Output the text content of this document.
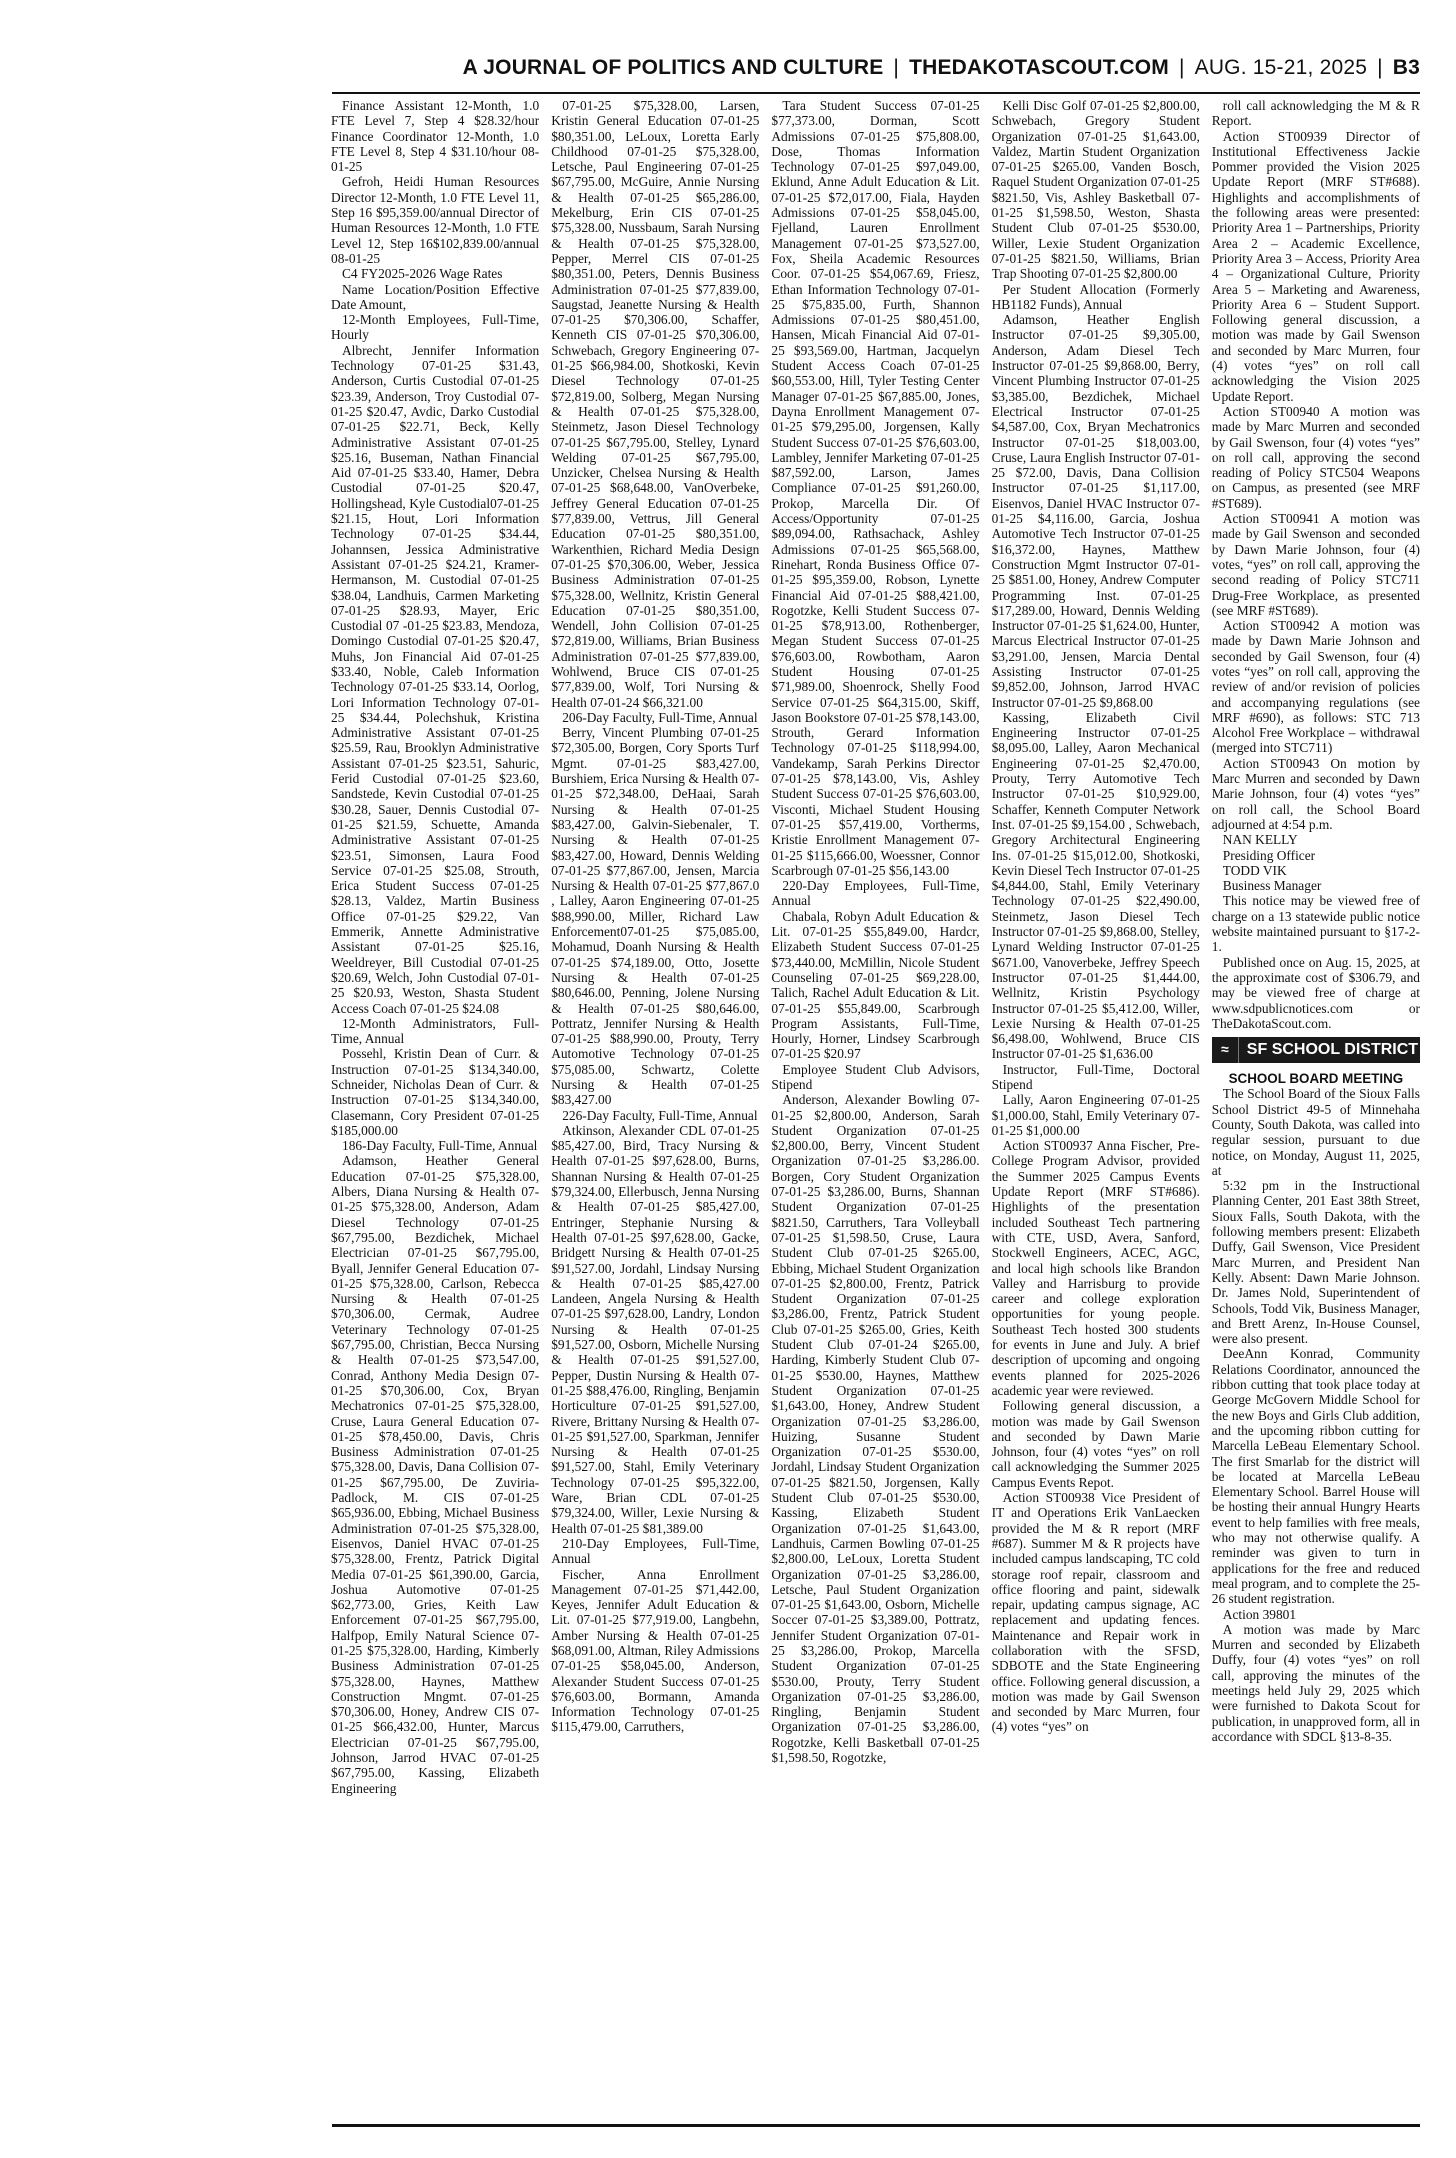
A JOURNAL OF POLITICS AND CULTURE | THEDAKOTASCOUT.COM | AUG. 15-21, 2025 | B3

Finance Assistant 12-Month, 1.0 FTE Level 7, Step 4 $28.32/hour Finance Coordinator 12-Month, 1.0 FTE Level 8, Step 4 $31.10/hour 08-01-25

Gefroh, Heidi Human Resources Director 12-Month, 1.0 FTE Level 11, Step 16 $95,359.00/annual Director of Human Resources 12-Month, 1.0 FTE Level 12, Step 16$102,839.00/annual 08-01-25

C4 FY2025-2026 Wage Rates

Name Location/Position Effective Date Amount,

12-Month Employees, Full-Time, Hourly

Albrecht, Jennifer Information Technology 07-01-25 $31.43, Anderson, Curtis Custodial 07-01-25 $23.39, Anderson, Troy Custodial 07-01-25 $20.47, Avdic, Darko Custodial 07-01-25 $22.71, Beck, Kelly Administrative Assistant 07-01-25 $25.16, Buseman, Nathan Financial Aid 07-01-25 $33.40, Hamer, Debra Custodial 07-01-25 $20.47, Hollingshead, Kyle Custodial07-01-25 $21.15, Hout, Lori Information Technology 07-01-25 $34.44, Johannsen, Jessica Administrative Assistant 07-01-25 $24.21, Kramer-Hermanson, M. Custodial 07-01-25 $38.04, Landhuis, Carmen Marketing 07-01-25 $28.93, Mayer, Eric Custodial 07 -01-25 $23.83, Mendoza, Domingo Custodial 07-01-25 $20.47, Muhs, Jon Financial Aid 07-01-25 $33.40, Noble, Caleb Information Technology 07-01-25 $33.14, Oorlog, Lori Information Technology 07-01-25 $34.44, Polechshuk, Kristina Administrative Assistant 07-01-25 $25.59, Rau, Brooklyn Administrative Assistant 07-01-25 $23.51, Sahuric, Ferid Custodial 07-01-25 $23.60, Sandstede, Kevin Custodial 07-01-25 $30.28, Sauer, Dennis Custodial 07-01-25 $21.59, Schuette, Amanda Administrative Assistant 07-01-25 $23.51, Simonsen, Laura Food Service 07-01-25 $25.08, Strouth, Erica Student Success 07-01-25 $28.13, Valdez, Martin Business Office 07-01-25 $29.22, Van Emmerik, Annette Administrative Assistant 07-01-25 $25.16, Weeldreyer, Bill Custodial 07-01-25 $20.69, Welch, John Custodial 07-01-25 $20.93, Weston, Shasta Student Access Coach 07-01-25 $24.08

12-Month Administrators, Full-Time, Annual

Possehl, Kristin Dean of Curr. & Instruction 07-01-25 $134,340.00, Schneider, Nicholas Dean of Curr. & Instruction 07-01-25 $134,340.00, Clasemann, Cory President 07-01-25 $185,000.00

186-Day Faculty, Full-Time, Annual

Adamson, Heather General Education 07-01-25 $75,328.00, Albers, Diana Nursing & Health 07-01-25 $75,328.00, Anderson, Adam Diesel Technology 07-01-25 $67,795.00, Bezdichek, Michael Electrician 07-01-25 $67,795.00, Byall, Jennifer General Education 07-01-25 $75,328.00, Carlson, Rebecca Nursing & Health 07-01-25 $70,306.00, Cermak, Audree Veterinary Technology 07-01-25 $67,795.00, Christian, Becca Nursing & Health 07-01-25 $73,547.00, Conrad, Anthony Media Design 07-01-25 $70,306.00, Cox, Bryan Mechatronics 07-01-25 $75,328.00, Cruse, Laura General Education 07-01-25 $78,450.00, Davis, Chris Business Administration 07-01-25 $75,328.00, Davis, Dana Collision 07-01-25 $67,795.00, De Zuviria-Padlock, M. CIS 07-01-25 $65,936.00, Ebbing, Michael Business Administration 07-01-25 $75,328.00, Eisenvos, Daniel HVAC 07-01-25 $75,328.00, Frentz, Patrick Digital Media 07-01-25 $61,390.00, Garcia, Joshua Automotive 07-01-25 $62,773.00, Gries, Keith Law Enforcement 07-01-25 $67,795.00, Halfpop, Emily Natural Science 07-01-25 $75,328.00, Harding, Kimberly Business Administration 07-01-25 $75,328.00, Haynes, Matthew Construction Mngmt. 07-01-25 $70,306.00, Honey, Andrew CIS 07-01-25 $66,432.00, Hunter, Marcus Electrician 07-01-25 $67,795.00, Johnson, Jarrod HVAC 07-01-25 $67,795.00, Kassing, Elizabeth Engineering

07-01-25 $75,328.00, Larsen, Kristin General Education 07-01-25 $80,351.00, LeLoux, Loretta Early Childhood 07-01-25 $75,328.00, Letsche, Paul Engineering 07-01-25 $67,795.00, McGuire, Annie Nursing & Health 07-01-25 $65,286.00, Mekelburg, Erin CIS 07-01-25 $75,328.00, Nussbaum, Sarah Nursing & Health 07-01-25 $75,328.00, Pepper, Merrel CIS 07-01-25 $80,351.00, Peters, Dennis Business Administration 07-01-25 $77,839.00, Saugstad, Jeanette Nursing & Health 07-01-25 $70,306.00, Schaffer, Kenneth CIS 07-01-25 $70,306.00, Schwebach, Gregory Engineering 07-01-25 $66,984.00, Shotkoski, Kevin Diesel Technology 07-01-25 $72,819.00, Solberg, Megan Nursing & Health 07-01-25 $75,328.00, Steinmetz, Jason Diesel Technology 07-01-25 $67,795.00, Stelley, Lynard Welding 07-01-25 $67,795.00, Unzicker, Chelsea Nursing & Health 07-01-25 $68,648.00, VanOverbeke, Jeffrey General Education 07-01-25 $77,839.00, Vettrus, Jill General Education 07-01-25 $80,351.00, Warkenthien, Richard Media Design 07-01-25 $70,306.00, Weber, Jessica Business Administration 07-01-25 $75,328.00, Wellnitz, Kristin General Education 07-01-25 $80,351.00, Wendell, John Collision 07-01-25 $72,819.00, Williams, Brian Business Administration 07-01-25 $77,839.00, Wohlwend, Bruce CIS 07-01-25 $77,839.00, Wolf, Tori Nursing & Health 07-01-24 $66,321.00

206-Day Faculty, Full-Time, Annual

Berry, Vincent Plumbing 07-01-25 $72,305.00, Borgen, Cory Sports Turf Mgmt. 07-01-25 $83,427.00, Burshiem, Erica Nursing & Health 07-01-25 $72,348.00, DeHaai, Sarah Nursing & Health 07-01-25 $83,427.00, Galvin-Siebenaler, T. Nursing & Health 07-01-25 $83,427.00, Howard, Dennis Welding 07-01-25 $77,867.00, Jensen, Marcia Nursing & Health 07-01-25 $77,867.0 , Lalley, Aaron Engineering 07-01-25 $88,990.00, Miller, Richard Law Enforcement07-01-25 $75,085.00, Mohamud, Doanh Nursing & Health 07-01-25 $74,189.00, Otto, Josette Nursing & Health 07-01-25 $80,646.00, Penning, Jolene Nursing & Health 07-01-25 $80,646.00, Pottratz, Jennifer Nursing & Health 07-01-25 $88,990.00, Prouty, Terry Automotive Technology 07-01-25 $75,085.00, Schwartz, Colette Nursing & Health 07-01-25 $83,427.00

226-Day Faculty, Full-Time, Annual

Atkinson, Alexander CDL 07-01-25 $85,427.00, Bird, Tracy Nursing & Health 07-01-25 $97,628.00, Burns, Shannan Nursing & Health 07-01-25 $79,324.00, Ellerbusch, Jenna Nursing & Health 07-01-25 $85,427.00, Entringer, Stephanie Nursing & Health 07-01-25 $97,628.00, Gacke, Bridgett Nursing & Health 07-01-25 $91,527.00, Jordahl, Lindsay Nursing & Health 07-01-25 $85,427.00 Landeen, Angela Nursing & Health 07-01-25 $97,628.00, Landry, London Nursing & Health 07-01-25 $91,527.00, Osborn, Michelle Nursing & Health 07-01-25 $91,527.00, Pepper, Dustin Nursing & Health 07-01-25 $88,476.00, Ringling, Benjamin Horticulture 07-01-25 $91,527.00, Rivere, Brittany Nursing & Health 07-01-25 $91,527.00, Sparkman, Jennifer Nursing & Health 07-01-25 $91,527.00, Stahl, Emily Veterinary Technology 07-01-25 $95,322.00, Ware, Brian CDL 07-01-25 $79,324.00, Willer, Lexie Nursing & Health 07-01-25 $81,389.00

210-Day Employees, Full-Time, Annual

Fischer, Anna Enrollment Management 07-01-25 $71,442.00, Keyes, Jennifer Adult Education & Lit. 07-01-25 $77,919.00, Langbehn, Amber Nursing & Health 07-01-25 $68,091.00, Altman, Riley Admissions 07-01-25 $58,045.00, Anderson, Alexander Student Success 07-01-25 $76,603.00, Bormann, Amanda Information Technology 07-01-25 $115,479.00, Carruthers,

Tara Student Success 07-01-25 $77,373.00, Dorman, Scott Admissions 07-01-25 $75,808.00, Dose, Thomas Information Technology 07-01-25 $97,049.00, Eklund, Anne Adult Education & Lit. 07-01-25 $72,017.00, Fiala, Hayden Admissions 07-01-25 $58,045.00, Fjelland, Lauren Enrollment Management 07-01-25 $73,527.00, Fox, Sheila Academic Resources Coor. 07-01-25 $54,067.69, Friesz, Ethan Information Technology 07-01-25 $75,835.00, Furth, Shannon Admissions 07-01-25 $80,451.00, Hansen, Micah Financial Aid 07-01-25 $93,569.00, Hartman, Jacquelyn Student Access Coach 07-01-25 $60,553.00, Hill, Tyler Testing Center Manager 07-01-25 $67,885.00, Jones, Dayna Enrollment Management 07-01-25 $79,295.00, Jorgensen, Kally Student Success 07-01-25 $76,603.00, Lambley, Jennifer Marketing 07-01-25 $87,592.00, Larson, James Compliance 07-01-25 $91,260.00, Prokop, Marcella Dir. Of Access/Opportunity 07-01-25 $89,094.00, Rathsachack, Ashley Admissions 07-01-25 $65,568.00, Rinehart, Ronda Business Office 07-01-25 $95,359.00, Robson, Lynette Financial Aid 07-01-25 $88,421.00, Rogotzke, Kelli Student Success 07-01-25 $78,913.00, Rothenberger, Megan Student Success 07-01-25 $76,603.00, Rowbotham, Aaron Student Housing 07-01-25 $71,989.00, Shoenrock, Shelly Food Service 07-01-25 $64,315.00, Skiff, Jason Bookstore 07-01-25 $78,143.00, Strouth, Gerard Information Technology 07-01-25 $118,994.00, Vandekamp, Sarah Perkins Director 07-01-25 $78,143.00, Vis, Ashley Student Success 07-01-25 $76,603.00, Visconti, Michael Student Housing 07-01-25 $57,419.00, Vortherms, Kristie Enrollment Management 07-01-25 $115,666.00, Woessner, Connor Scarbrough 07-01-25 $56,143.00

220-Day Employees, Full-Time, Annual

Chabala, Robyn Adult Education & Lit. 07-01-25 $55,849.00, Hardcr, Elizabeth Student Success 07-01-25 $73,440.00, McMillin, Nicole Student Counseling 07-01-25 $69,228.00, Talich, Rachel Adult Education & Lit. 07-01-25 $55,849.00, Scarbrough Program Assistants, Full-Time, Hourly, Horner, Lindsey Scarbrough 07-01-25 $20.97

Employee Student Club Advisors, Stipend

Anderson, Alexander Bowling 07-01-25 $2,800.00, Anderson, Sarah Student Organization 07-01-25 $2,800.00, Berry, Vincent Student Organization 07-01-25 $3,286.00. Borgen, Cory Student Organization 07-01-25 $3,286.00, Burns, Shannan Student Organization 07-01-25 $821.50, Carruthers, Tara Volleyball 07-01-25 $1,598.50, Cruse, Laura Student Club 07-01-25 $265.00, Ebbing, Michael Student Organization 07-01-25 $2,800.00, Frentz, Patrick Student Organization 07-01-25 $3,286.00, Frentz, Patrick Student Club 07-01-25 $265.00, Gries, Keith Student Club 07-01-24 $265.00, Harding, Kimberly Student Club 07-01-25 $530.00, Haynes, Matthew Student Organization 07-01-25 $1,643.00, Honey, Andrew Student Organization 07-01-25 $3,286.00, Huizing, Susanne Student Organization 07-01-25 $530.00, Jordahl, Lindsay Student Organization 07-01-25 $821.50, Jorgensen, Kally Student Club 07-01-25 $530.00, Kassing, Elizabeth Student Organization 07-01-25 $1,643.00, Landhuis, Carmen Bowling 07-01-25 $2,800.00, LeLoux, Loretta Student Organization 07-01-25 $3,286.00, Letsche, Paul Student Organization 07-01-25 $1,643.00, Osborn, Michelle Soccer 07-01-25 $3,389.00, Pottratz, Jennifer Student Organization 07-01-25 $3,286.00, Prokop, Marcella Student Organization 07-01-25 $530.00, Prouty, Terry Student Organization 07-01-25 $3,286.00, Ringling, Benjamin Student Organization 07-01-25 $3,286.00, Rogotzke, Kelli Basketball 07-01-25 $1,598.50, Rogotzke,

Kelli Disc Golf 07-01-25 $2,800.00, Schwebach, Gregory Student Organization 07-01-25 $1,643.00, Valdez, Martin Student Organization 07-01-25 $265.00, Vanden Bosch, Raquel Student Organization 07-01-25 $821.50, Vis, Ashley Basketball 07-01-25 $1,598.50, Weston, Shasta Student Club 07-01-25 $530.00, Willer, Lexie Student Organization 07-01-25 $821.50, Williams, Brian Trap Shooting 07-01-25 $2,800.00

Per Student Allocation (Formerly HB1182 Funds), Annual

Adamson, Heather English Instructor 07-01-25 $9,305.00, Anderson, Adam Diesel Tech Instructor 07-01-25 $9,868.00, Berry, Vincent Plumbing Instructor 07-01-25 $3,385.00, Bezdichek, Michael Electrical Instructor 07-01-25 $4,587.00, Cox, Bryan Mechatronics Instructor 07-01-25 $18,003.00, Cruse, Laura English Instructor 07-01-25 $72.00, Davis, Dana Collision Instructor 07-01-25 $1,117.00, Eisenvos, Daniel HVAC Instructor 07-01-25 $4,116.00, Garcia, Joshua Automotive Tech Instructor 07-01-25 $16,372.00, Haynes, Matthew Construction Mgmt Instructor 07-01-25 $851.00, Honey, Andrew Computer Programming Inst. 07-01-25 $17,289.00, Howard, Dennis Welding Instructor 07-01-25 $1,624.00, Hunter, Marcus Electrical Instructor 07-01-25 $3,291.00, Jensen, Marcia Dental Assisting Instructor 07-01-25 $9,852.00, Johnson, Jarrod HVAC Instructor 07-01-25 $9,868.00

Kassing, Elizabeth Civil Engineering Instructor 07-01-25 $8,095.00, Lalley, Aaron Mechanical Engineering 07-01-25 $2,470.00, Prouty, Terry Automotive Tech Instructor 07-01-25 $10,929.00, Schaffer, Kenneth Computer Network Inst. 07-01-25 $9,154.00 , Schwebach, Gregory Architectural Engineering Ins. 07-01-25 $15,012.00, Shotkoski, Kevin Diesel Tech Instructor 07-01-25 $4,844.00, Stahl, Emily Veterinary Technology 07-01-25 $22,490.00, Steinmetz, Jason Diesel Tech Instructor 07-01-25 $9,868.00, Stelley, Lynard Welding Instructor 07-01-25 $671.00, Vanoverbeke, Jeffrey Speech Instructor 07-01-25 $1,444.00, Wellnitz, Kristin Psychology Instructor 07-01-25 $5,412.00, Willer, Lexie Nursing & Health 07-01-25 $6,498.00, Wohlwend, Bruce CIS Instructor 07-01-25 $1,636.00

Instructor, Full-Time, Doctoral Stipend

Lally, Aaron Engineering 07-01-25 $1,000.00, Stahl, Emily Veterinary 07-01-25 $1,000.00

Action ST00937 Anna Fischer, Pre-College Program Advisor, provided the Summer 2025 Campus Events Update Report (MRF ST#686). Highlights of the presentation included Southeast Tech partnering with CTE, USD, Avera, Sanford, Stockwell Engineers, ACEC, AGC, and local high schools like Brandon Valley and Harrisburg to provide career and college exploration opportunities for young people. Southeast Tech hosted 300 students for events in June and July. A brief description of upcoming and ongoing events planned for 2025-2026 academic year were reviewed.

Following general discussion, a motion was made by Gail Swenson and seconded by Dawn Marie Johnson, four (4) votes “yes” on roll call acknowledging the Summer 2025 Campus Events Repot.

Action ST00938 Vice President of IT and Operations Erik VanLaecken provided the M & R report (MRF #687). Summer M & R projects have included campus landscaping, TC cold storage roof repair, classroom and office flooring and paint, sidewalk repair, updating campus signage, AC replacement and updating fences. Maintenance and Repair work in collaboration with the SFSD, SDBOTE and the State Engineering office. Following general discussion, a motion was made by Gail Swenson and seconded by Marc Murren, four (4) votes “yes” on

roll call acknowledging the M & R Report.

Action ST00939 Director of Institutional Effectiveness Jackie Pommer provided the Vision 2025 Update Report (MRF ST#688). Highlights and accomplishments of the following areas were presented: Priority Area 1 – Partnerships, Priority Area 2 – Academic Excellence, Priority Area 3 – Access, Priority Area 4 – Organizational Culture, Priority Area 5 – Marketing and Awareness, Priority Area 6 – Student Support. Following general discussion, a motion was made by Gail Swenson and seconded by Marc Murren, four (4) votes “yes” on roll call acknowledging the Vision 2025 Update Report.

Action ST00940 A motion was made by Marc Murren and seconded by Gail Swenson, four (4) votes “yes” on roll call, approving the second reading of Policy STC504 Weapons on Campus, as presented (see MRF #ST689).

Action ST00941 A motion was made by Gail Swenson and seconded by Dawn Marie Johnson, four (4) votes, “yes” on roll call, approving the second reading of Policy STC711 Drug-Free Workplace, as presented (see MRF #ST689).

Action ST00942 A motion was made by Dawn Marie Johnson and seconded by Gail Swenson, four (4) votes “yes” on roll call, approving the review of and/or revision of policies and accompanying regulations (see MRF #690), as follows: STC 713 Alcohol Free Workplace – withdrawal (merged into STC711)

Action ST00943 On motion by Marc Murren and seconded by Dawn Marie Johnson, four (4) votes “yes” on roll call, the School Board adjourned at 4:54 p.m.

NAN KELLY

Presiding Officer

TODD VIK

Business Manager

This notice may be viewed free of charge on a 13 statewide public notice website maintained pursuant to §17-2-1.

Published once on Aug. 15, 2025, at the approximate cost of $306.79, and may be viewed free of charge at www.sdpublicnotices.com or TheDakotaScout.com.

≈	SF SCHOOL DISTRICT
SCHOOL BOARD MEETING

The School Board of the Sioux Falls School District 49-5 of Minnehaha County, South Dakota, was called into regular session, pursuant to due notice, on Monday, August 11, 2025, at

5:32 pm in the Instructional Planning Center, 201 East 38th Street, Sioux Falls, South Dakota, with the following members present: Elizabeth Duffy, Gail Swenson, Vice President Marc Murren, and President Nan Kelly. Absent: Dawn Marie Johnson. Dr. James Nold, Superintendent of Schools, Todd Vik, Business Manager, and Brett Arenz, In-House Counsel, were also present.

DeeAnn Konrad, Community Relations Coordinator, announced the ribbon cutting that took place today at George McGovern Middle School for the new Boys and Girls Club addition, and the upcoming ribbon cutting for Marcella LeBeau Elementary School. The first Smarlab for the district will be located at Marcella LeBeau Elementary School. Barrel House will be hosting their annual Hungry Hearts event to help families with free meals, who may not otherwise qualify. A reminder was given to turn in applications for the free and reduced meal program, and to complete the 25-26 student registration.

Action 39801

A motion was made by Marc Murren and seconded by Elizabeth Duffy, four (4) votes “yes” on roll call, approving the minutes of the meetings held July 29, 2025 which were furnished to Dakota Scout for publication, in unapproved form, all in accordance with SDCL §13-8-35.
